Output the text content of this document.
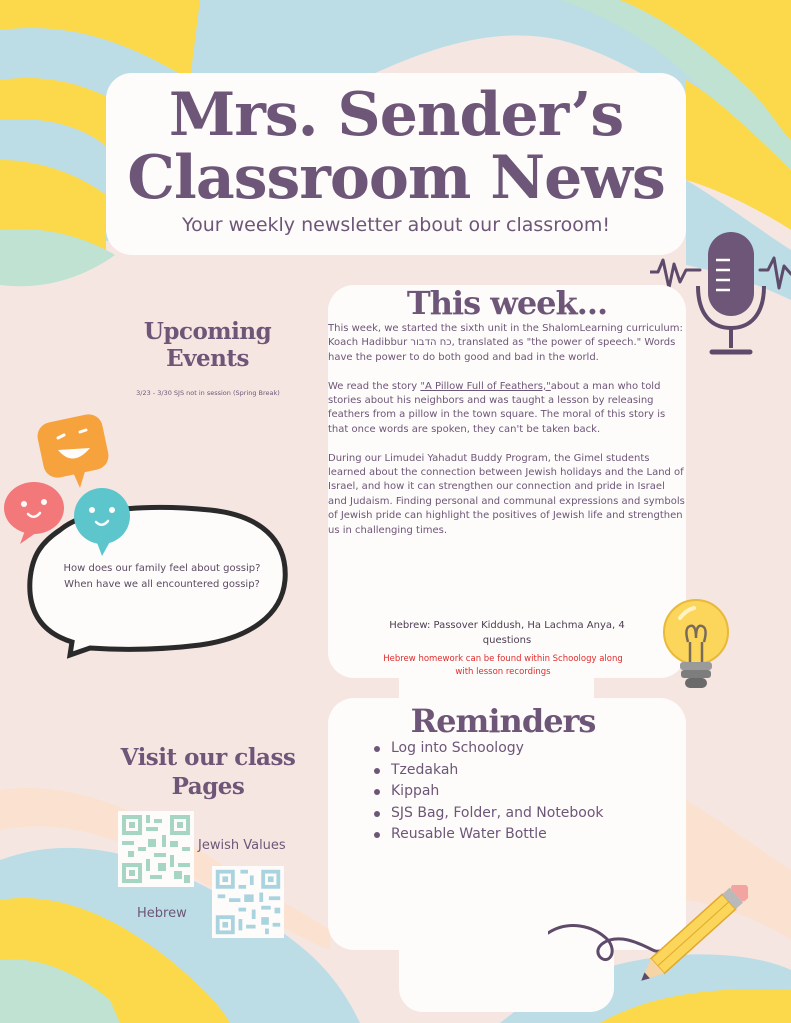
Mrs. Sender’s
Classroom News
Your weekly newsletter about our classroom!
Upcoming Events
3/23 - 3/30 SJS not in session (Spring Break)
How does our family feel about gossip?
When have we all encountered gossip?
This week...

This week, we started the sixth unit in the ShalomLearning curriculum: Koach Hadibbur כח הדבור, translated as "the power of speech." Words have the power to do both good and bad in the world.

We read the story "A Pillow Full of Feathers,"about a man who told stories about his neighbors and was taught a lesson by releasing feathers from a pillow in the town square. The moral of this story is that once words are spoken, they can't be taken back.

During our Limudei Yahadut Buddy Program, the Gimel students learned about the connection between Jewish holidays and the Land of Israel, and how it can strengthen our connection and pride in Israel and Judaism. Finding personal and communal expressions and symbols of Jewish pride can highlight the positives of Jewish life and strengthen us in challenging times.

Hebrew: Passover Kiddush, Ha Lachma Anya, 4 questions
Hebrew homework can be found within Schoology along with lesson recordings
Reminders
Log into Schoology
Tzedakah
Kippah
SJS Bag, Folder, and Notebook
Reusable Water Bottle
Visit our class Pages
Jewish Values
Hebrew
